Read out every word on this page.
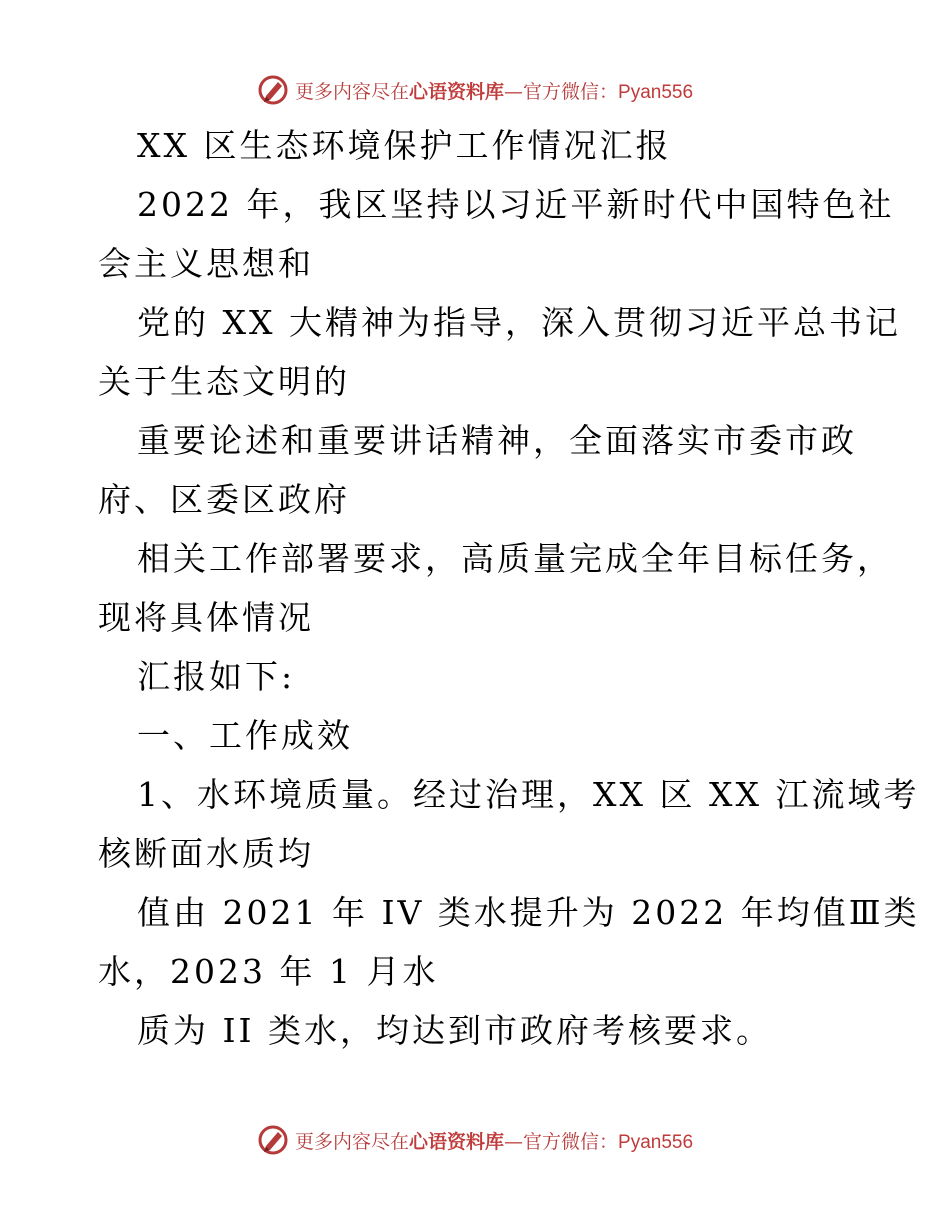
更多内容尽在心语资料库—官方微信：Pyan556
XX 区生态环境保护工作情况汇报
2022 年，我区坚持以习近平新时代中国特色社
会主义思想和
党的 XX 大精神为指导，深入贯彻习近平总书记
关于生态文明的
重要论述和重要讲话精神，全面落实市委市政
府、区委区政府
相关工作部署要求，高质量完成全年目标任务，
现将具体情况
汇报如下:
一、工作成效
1、水环境质量。经过治理，XX 区 XX 江流域考
核断面水质均
值由 2021 年 IV 类水提升为 2022 年均值Ⅲ类
水，2023 年 1 月水
质为 II 类水，均达到市政府考核要求。
更多内容尽在心语资料库—官方微信：Pyan556
